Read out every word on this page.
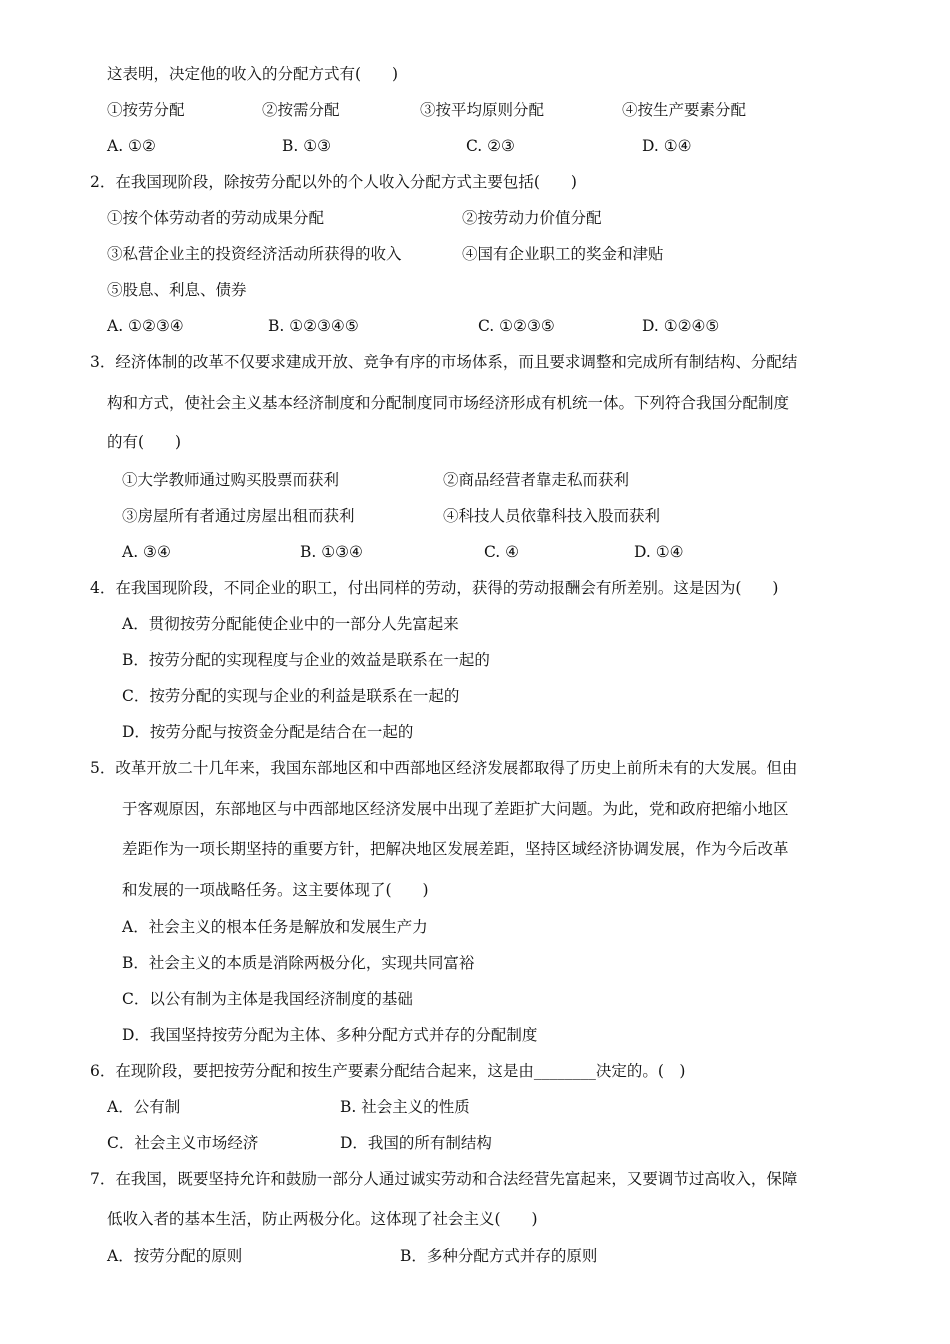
这表明，决定他的收入的分配方式有(　　)
①按劳分配	②按需分配	③按平均原则分配	④按生产要素分配
A. ①②	B. ①③	C. ②③	D. ①④
2．在我国现阶段，除按劳分配以外的个人收入分配方式主要包括(　　)
①按个体劳动者的劳动成果分配	②按劳动力价值分配
③私营企业主的投资经济活动所获得的收入	④国有企业职工的奖金和津贴
⑤股息、利息、债券
A. ①②③④	B. ①②③④⑤	C. ①②③⑤	D. ①②④⑤
3．经济体制的改革不仅要求建成开放、竞争有序的市场体系，而且要求调整和完成所有制结构、分配结
构和方式，使社会主义基本经济制度和分配制度同市场经济形成有机统一体。下列符合我国分配制度
的有(　　)
①大学教师通过购买股票而获利	②商品经营者靠走私而获利
③房屋所有者通过房屋出租而获利	④科技人员依靠科技入股而获利
A. ③④	B. ①③④	C. ④	D. ①④
4．在我国现阶段，不同企业的职工，付出同样的劳动，获得的劳动报酬会有所差别。这是因为(　　)
A．贯彻按劳分配能使企业中的一部分人先富起来
B．按劳分配的实现程度与企业的效益是联系在一起的
C．按劳分配的实现与企业的利益是联系在一起的
D．按劳分配与按资金分配是结合在一起的
5．改革开放二十几年来，我国东部地区和中西部地区经济发展都取得了历史上前所未有的大发展。但由
于客观原因，东部地区与中西部地区经济发展中出现了差距扩大问题。为此，党和政府把缩小地区
差距作为一项长期坚持的重要方针，把解决地区发展差距，坚持区域经济协调发展，作为今后改革
和发展的一项战略任务。这主要体现了(　　)
A．社会主义的根本任务是解放和发展生产力
B．社会主义的本质是消除两极分化，实现共同富裕
C．以公有制为主体是我国经济制度的基础
D．我国坚持按劳分配为主体、多种分配方式并存的分配制度
6．在现阶段，要把按劳分配和按生产要素分配结合起来，这是由________决定的。(　)
A．公有制	B. 社会主义的性质
C．社会主义市场经济	D．我国的所有制结构
7．在我国，既要坚持允许和鼓励一部分人通过诚实劳动和合法经营先富起来，又要调节过高收入，保障
低收入者的基本生活，防止两极分化。这体现了社会主义(　　)
A．按劳分配的原则	B．多种分配方式并存的原则
